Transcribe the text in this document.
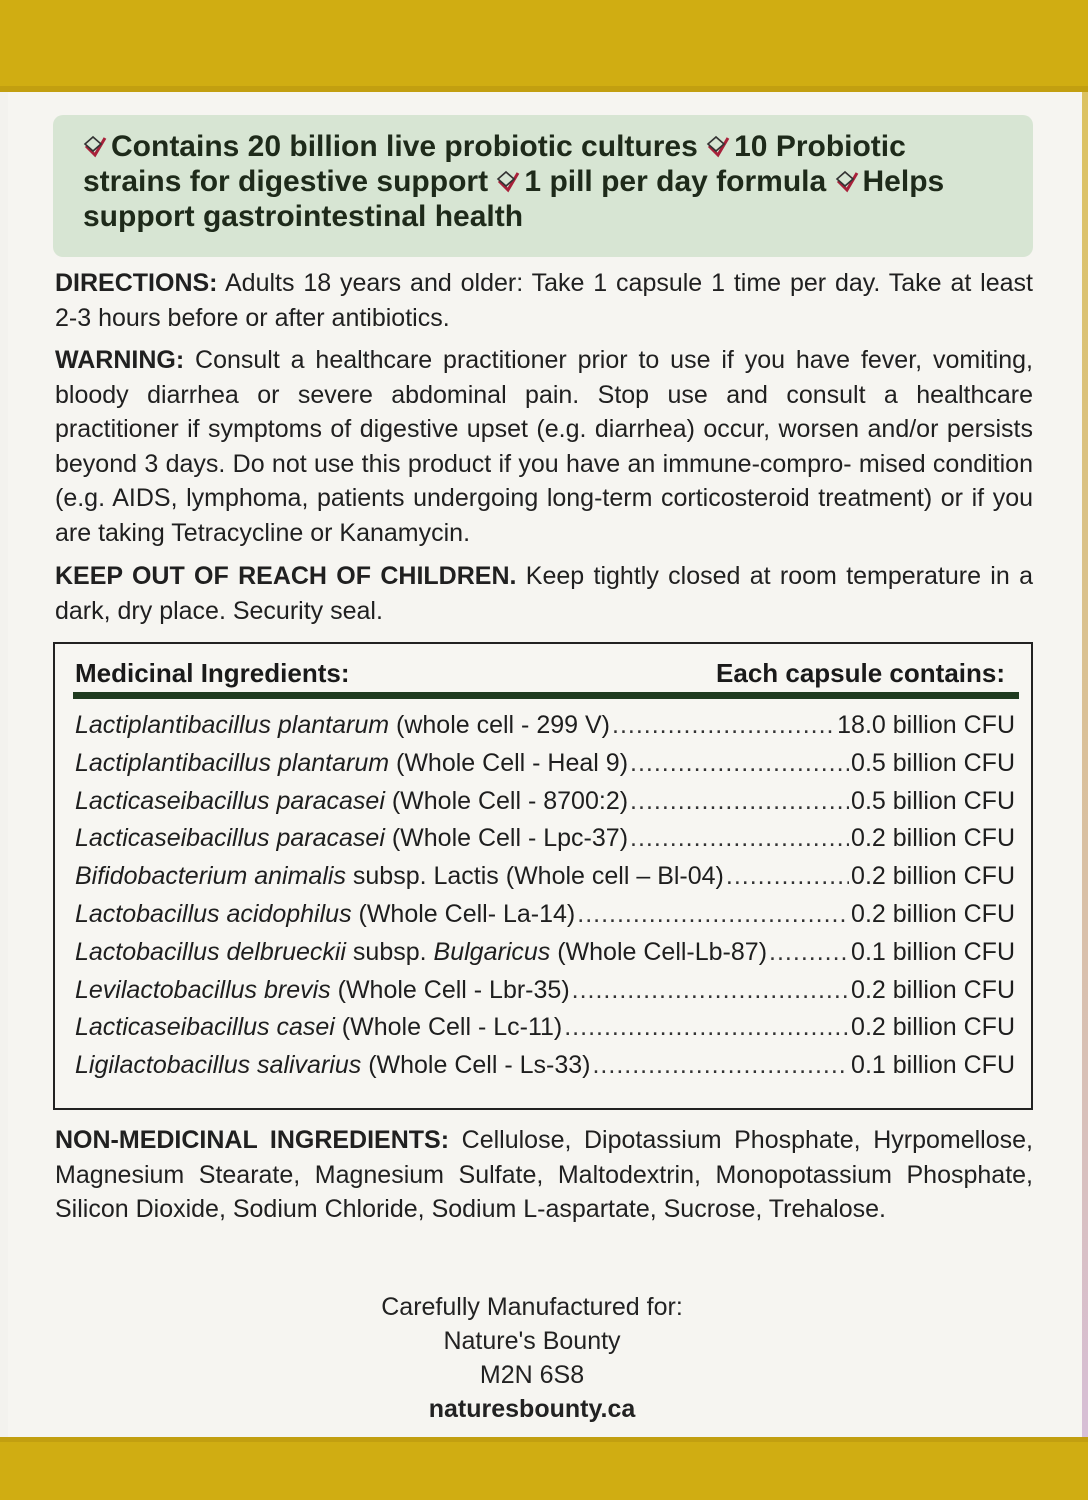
Contains 20 billion live probiotic cultures 10 Probiotic strains for digestive support 1 pill per day formula Helps support gastrointestinal health
DIRECTIONS: Adults 18 years and older: Take 1 capsule 1 time per day. Take at least 2-3 hours before or after antibiotics.
WARNING: Consult a healthcare practitioner prior to use if you have fever, vomiting, bloody diarrhea or severe abdominal pain. Stop use and consult a healthcare practitioner if symptoms of digestive upset (e.g. diarrhea) occur, worsen and/or persists beyond 3 days. Do not use this product if you have an immune-compro- mised condition (e.g. AIDS, lymphoma, patients undergoing long-term corticosteroid treatment) or if you are taking Tetracycline or Kanamycin.
KEEP OUT OF REACH OF CHILDREN. Keep tightly closed at room temperature in a dark, dry place. Security seal.
Medicinal Ingredients:	Each capsule contains:
Lactiplantibacillus plantarum (whole cell - 299 V) .....	18.0 billion CFU
Lactiplantibacillus plantarum (Whole Cell - Heal 9) .....	0.5 billion CFU
Lacticaseibacillus paracasei (Whole Cell - 8700:2) .....	0.5 billion CFU
Lacticaseibacillus paracasei (Whole Cell - Lpc-37) .....	0.2 billion CFU
Bifidobacterium animalis subsp. Lactis (Whole cell – Bl-04) .....	0.2 billion CFU
Lactobacillus acidophilus (Whole Cell- La-14) .....	0.2 billion CFU
Lactobacillus delbrueckii subsp. Bulgaricus (Whole Cell-Lb-87) .....	0.1 billion CFU
Levilactobacillus brevis (Whole Cell - Lbr-35) .....	0.2 billion CFU
Lacticaseibacillus casei (Whole Cell - Lc-11) .....	0.2 billion CFU
Ligilactobacillus salivarius (Whole Cell - Ls-33) .....	0.1 billion CFU
NON-MEDICINAL INGREDIENTS: Cellulose, Dipotassium Phosphate, Hyrpomellose, Magnesium Stearate, Magnesium Sulfate, Maltodextrin, Monopotassium Phosphate, Silicon Dioxide, Sodium Chloride, Sodium L-aspartate, Sucrose, Trehalose.
Carefully Manufactured for:
Nature's Bounty
M2N 6S8
naturesbounty.ca
